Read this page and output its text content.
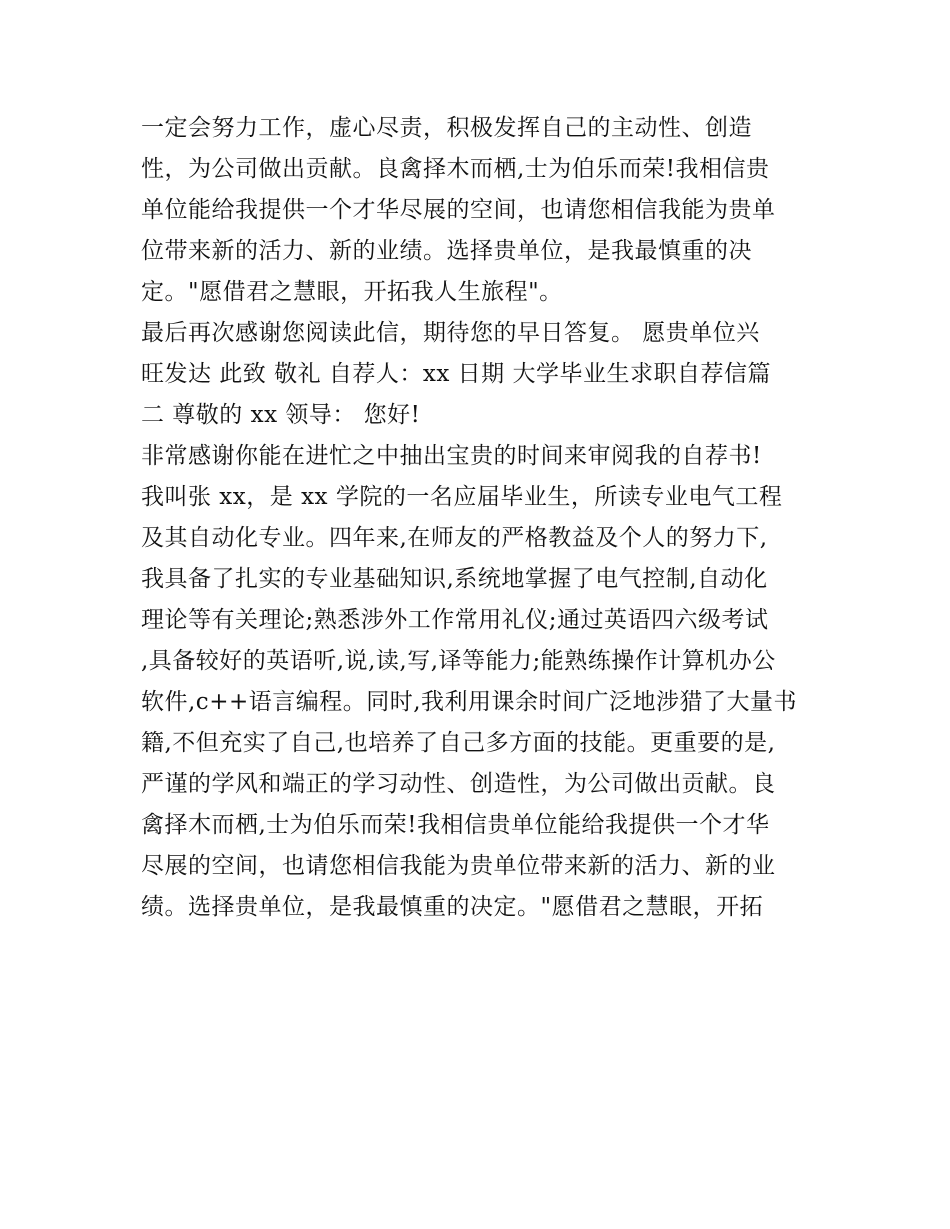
一定会努力工作，虚心尽责，积极发挥自己的主动性、创造
性，为公司做出贡献。良禽择木而栖,士为伯乐而荣!我相信贵
单位能给我提供一个才华尽展的空间，也请您相信我能为贵单
位带来新的活力、新的业绩。选择贵单位，是我最慎重的决
定。"愿借君之慧眼，开拓我人生旅程"。
最后再次感谢您阅读此信，期待您的早日答复。 愿贵单位兴
旺发达 此致 敬礼 自荐人：xx 日期 大学毕业生求职自荐信篇
二 尊敬的 xx 领导： 您好!
非常感谢你能在进忙之中抽出宝贵的时间来审阅我的自荐书!
我叫张 xx，是 xx 学院的一名应届毕业生，所读专业电气工程
及其自动化专业。四年来,在师友的严格教益及个人的努力下,
我具备了扎实的专业基础知识,系统地掌握了电气控制,自动化
理论等有关理论;熟悉涉外工作常用礼仪;通过英语四六级考试
,具备较好的英语听,说,读,写,译等能力;能熟练操作计算机办公
软件,c++语言编程。同时,我利用课余时间广泛地涉猎了大量书
籍,不但充实了自己,也培养了自己多方面的技能。更重要的是,
严谨的学风和端正的学习动性、创造性，为公司做出贡献。良
禽择木而栖,士为伯乐而荣!我相信贵单位能给我提供一个才华
尽展的空间，也请您相信我能为贵单位带来新的活力、新的业
绩。选择贵单位，是我最慎重的决定。"愿借君之慧眼，开拓
